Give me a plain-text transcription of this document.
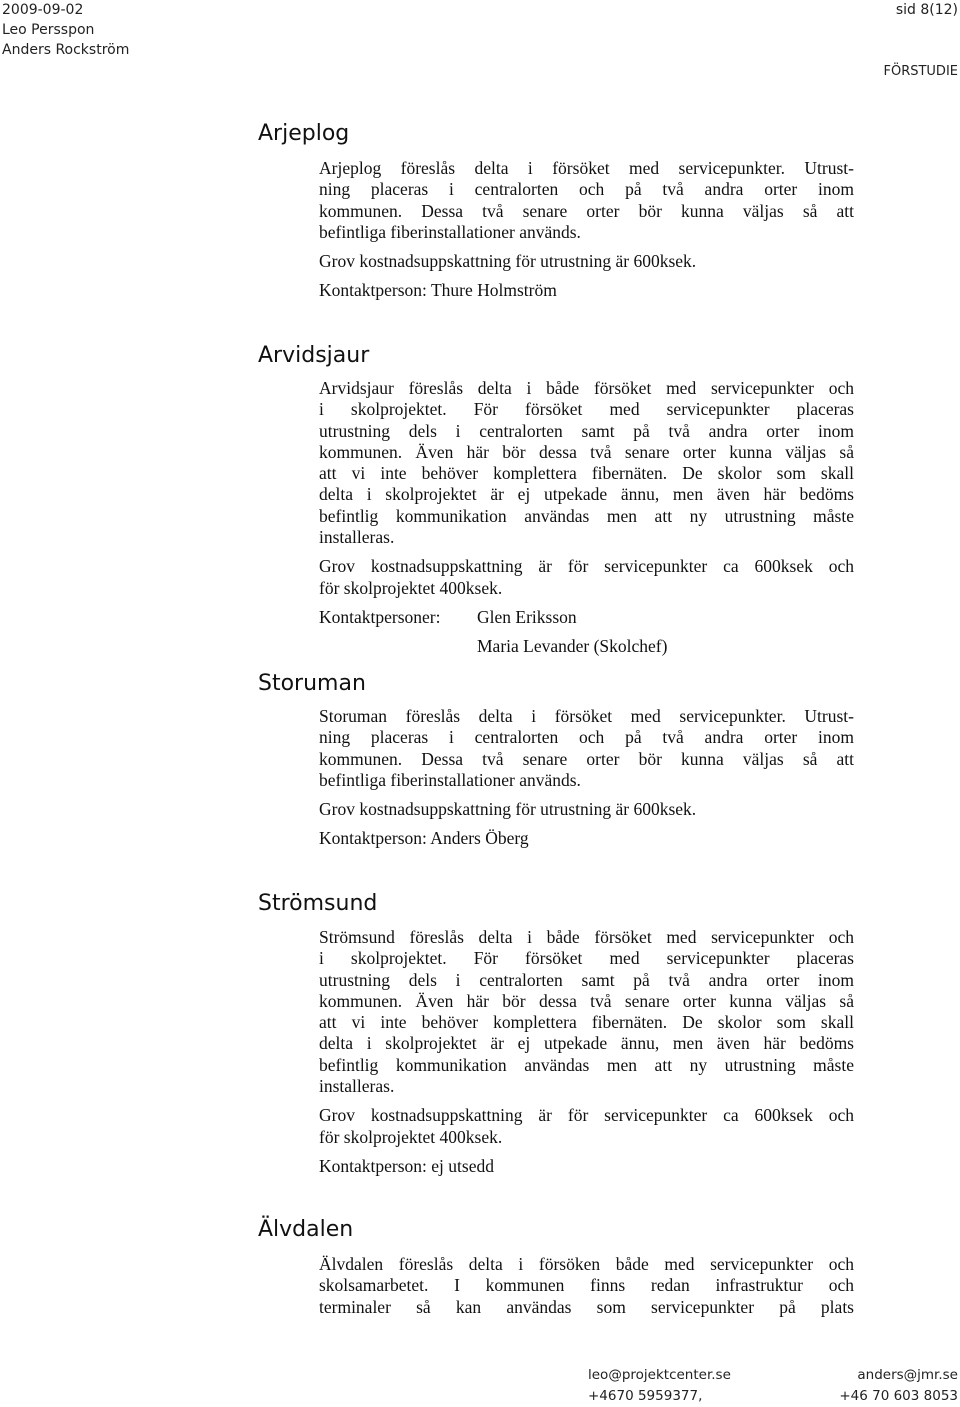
2009-09-02
Leo Persspon
Anders Rockström
sid 8(12)
FÖRSTUDIE
Arjeplog

Arjeplog föreslås delta i försöket med servicepunkter. Utrust-
ning placeras i centralorten och på två andra orter inom
kommunen. Dessa två senare orter bör kunna väljas så att
befintliga fiberinstallationer används.

Grov kostnadsuppskattning för utrustning är 600ksek.

Kontaktperson: Thure Holmström

Arvidsjaur

Arvidsjaur föreslås delta i både försöket med servicepunkter och
i skolprojektet. För försöket med servicepunkter placeras
utrustning dels i centralorten samt på två andra orter inom
kommunen. Även här bör dessa två senare orter kunna väljas så
att vi inte behöver komplettera fibernäten. De skolor som skall
delta i skolprojektet är ej utpekade ännu, men även här bedöms
befintlig kommunikation användas men att ny utrustning måste
installeras.

Grov kostnadsuppskattning är för servicepunkter ca 600ksek och
för skolprojektet 400ksek.

Kontaktpersoner:	Glen Eriksson
Maria Levander (Skolchef)
Storuman

Storuman föreslås delta i försöket med servicepunkter. Utrust-
ning placeras i centralorten och på två andra orter inom
kommunen. Dessa två senare orter bör kunna väljas så att
befintliga fiberinstallationer används.

Grov kostnadsuppskattning för utrustning är 600ksek.

Kontaktperson: Anders Öberg

Strömsund

Strömsund föreslås delta i både försöket med servicepunkter och
i skolprojektet. För försöket med servicepunkter placeras
utrustning dels i centralorten samt på två andra orter inom
kommunen. Även här bör dessa två senare orter kunna väljas så
att vi inte behöver komplettera fibernäten. De skolor som skall
delta i skolprojektet är ej utpekade ännu, men även här bedöms
befintlig kommunikation användas men att ny utrustning måste
installeras.

Grov kostnadsuppskattning är för servicepunkter ca 600ksek och
för skolprojektet 400ksek.

Kontaktperson: ej utsedd

Älvdalen

Älvdalen föreslås delta i försöken både med servicepunkter och
skolsamarbetet. I kommunen finns redan infrastruktur och
terminaler så kan användas som servicepunkter på plats

leo@projektcenter.se
+4670 5959377,
anders@jmr.se
+46 70 603 8053
